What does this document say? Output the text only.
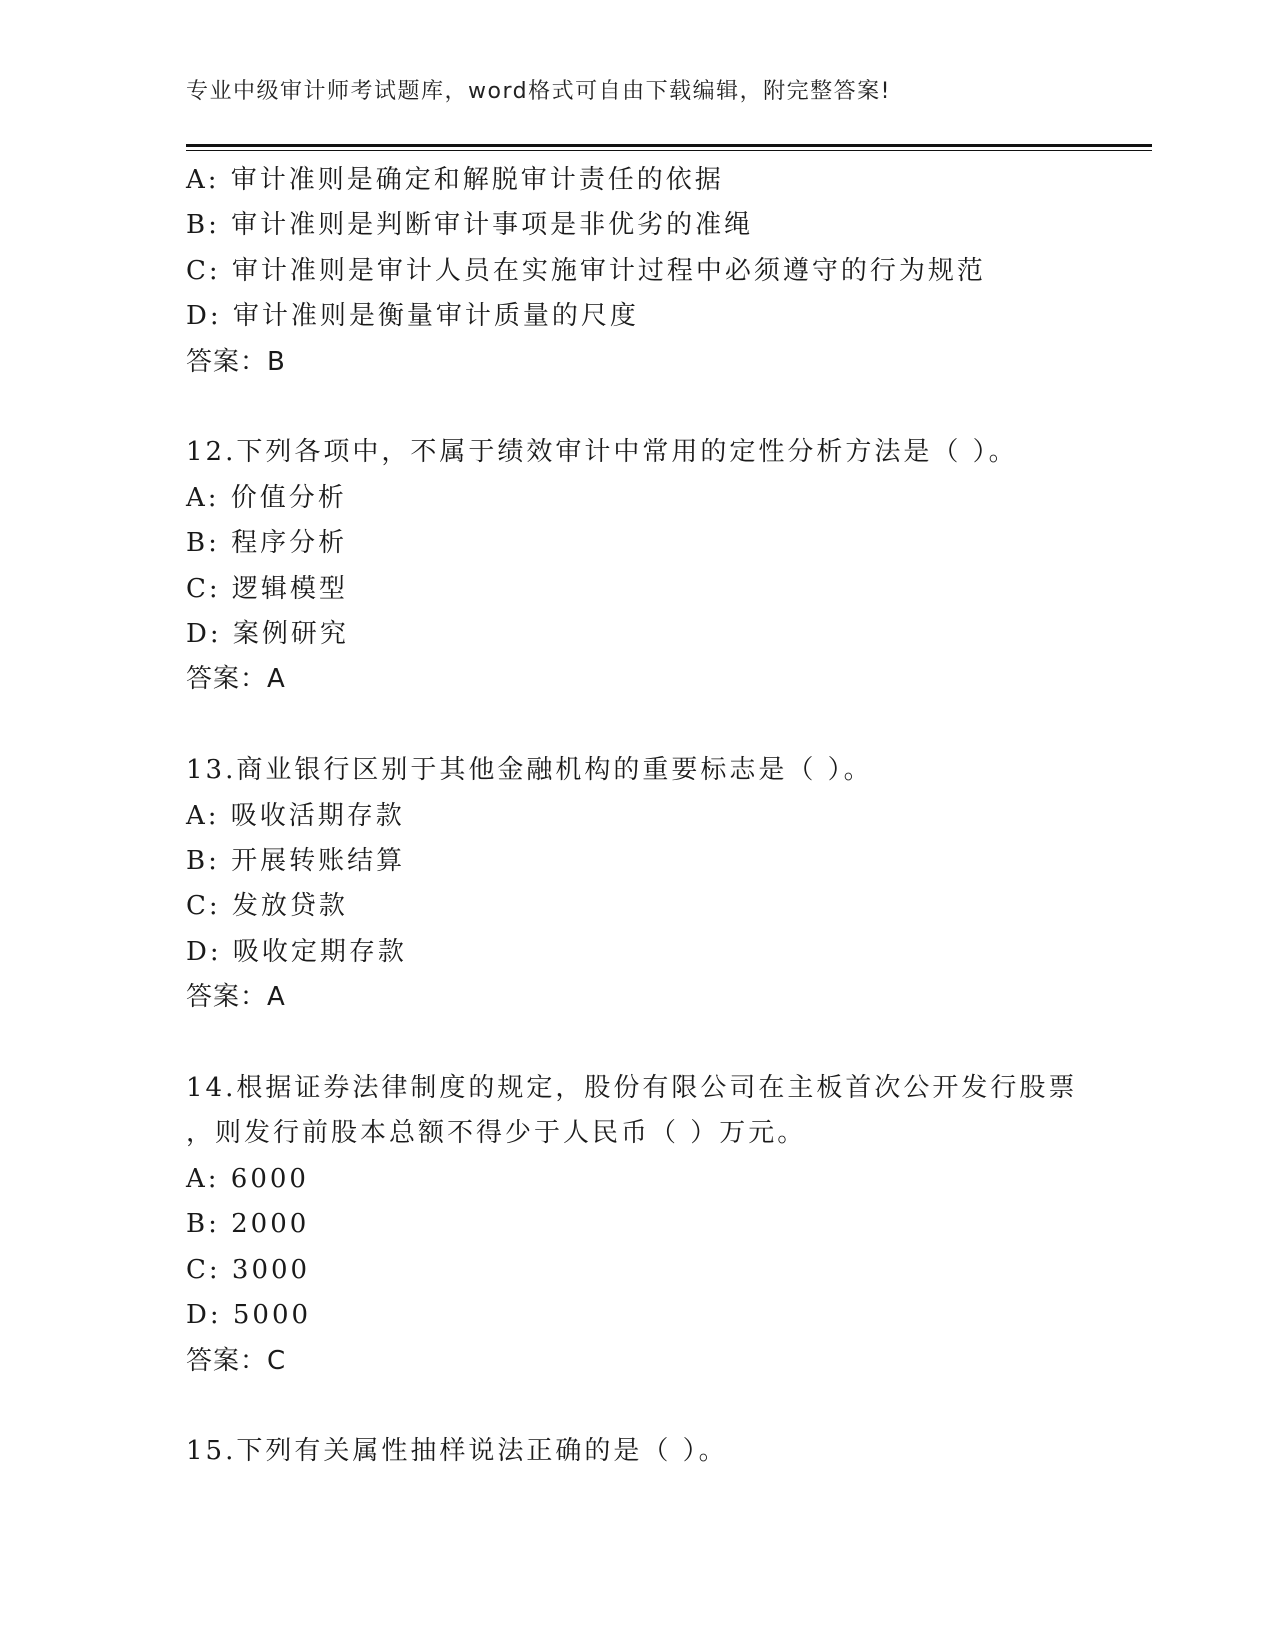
专业中级审计师考试题库，word格式可自由下载编辑，附完整答案!
A: 审计准则是确定和解脱审计责任的依据
B: 审计准则是判断审计事项是非优劣的准绳
C: 审计准则是审计人员在实施审计过程中必须遵守的行为规范
D: 审计准则是衡量审计质量的尺度
答案：B
12.下列各项中，不属于绩效审计中常用的定性分析方法是（ ）。
A: 价值分析
B: 程序分析
C: 逻辑模型
D: 案例研究
答案：A
13.商业银行区别于其他金融机构的重要标志是（ ）。
A: 吸收活期存款
B: 开展转账结算
C: 发放贷款
D: 吸收定期存款
答案：A
14.根据证券法律制度的规定，股份有限公司在主板首次公开发行股票
，则发行前股本总额不得少于人民币（ ）万元。
A: 6000
B: 2000
C: 3000
D: 5000
答案：C
15.下列有关属性抽样说法正确的是（ ）。
